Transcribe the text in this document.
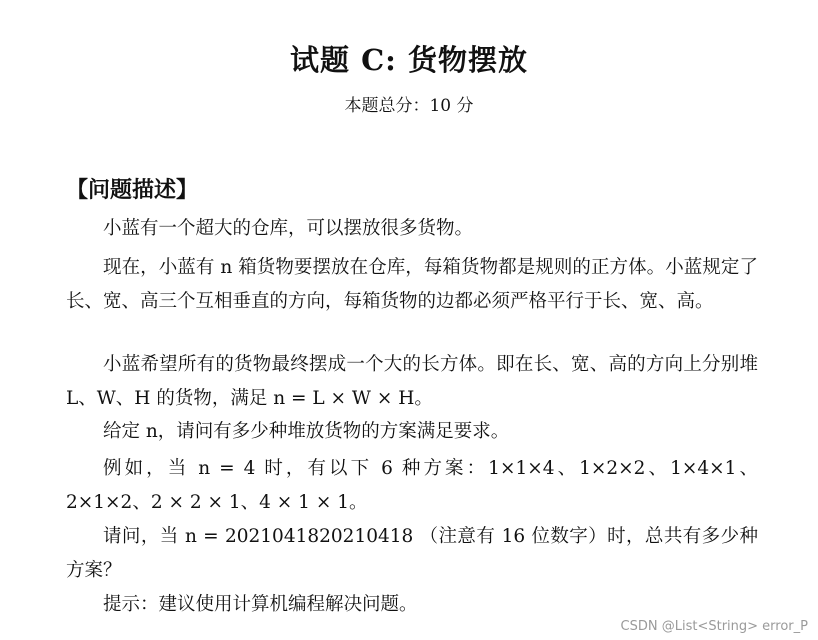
试题 C: 货物摆放
本题总分：10 分
【问题描述】
小蓝有一个超大的仓库，可以摆放很多货物。
现在，小蓝有 n 箱货物要摆放在仓库，每箱货物都是规则的正方体。小蓝规定了长、宽、高三个互相垂直的方向，每箱货物的边都必须严格平行于长、宽、高。
小蓝希望所有的货物最终摆成一个大的长方体。即在长、宽、高的方向上分别堆 L、W、H 的货物，满足 n = L × W × H。
给定 n，请问有多少种堆放货物的方案满足要求。
例如，当 n = 4 时，有以下 6 种方案：1×1×4、1×2×2、1×4×1、2×1×2、2 × 2 × 1、4 × 1 × 1。
请问，当 n = 2021041820210418 （注意有 16 位数字）时，总共有多少种方案？
提示：建议使用计算机编程解决问题。
CSDN @List<String> error_P
